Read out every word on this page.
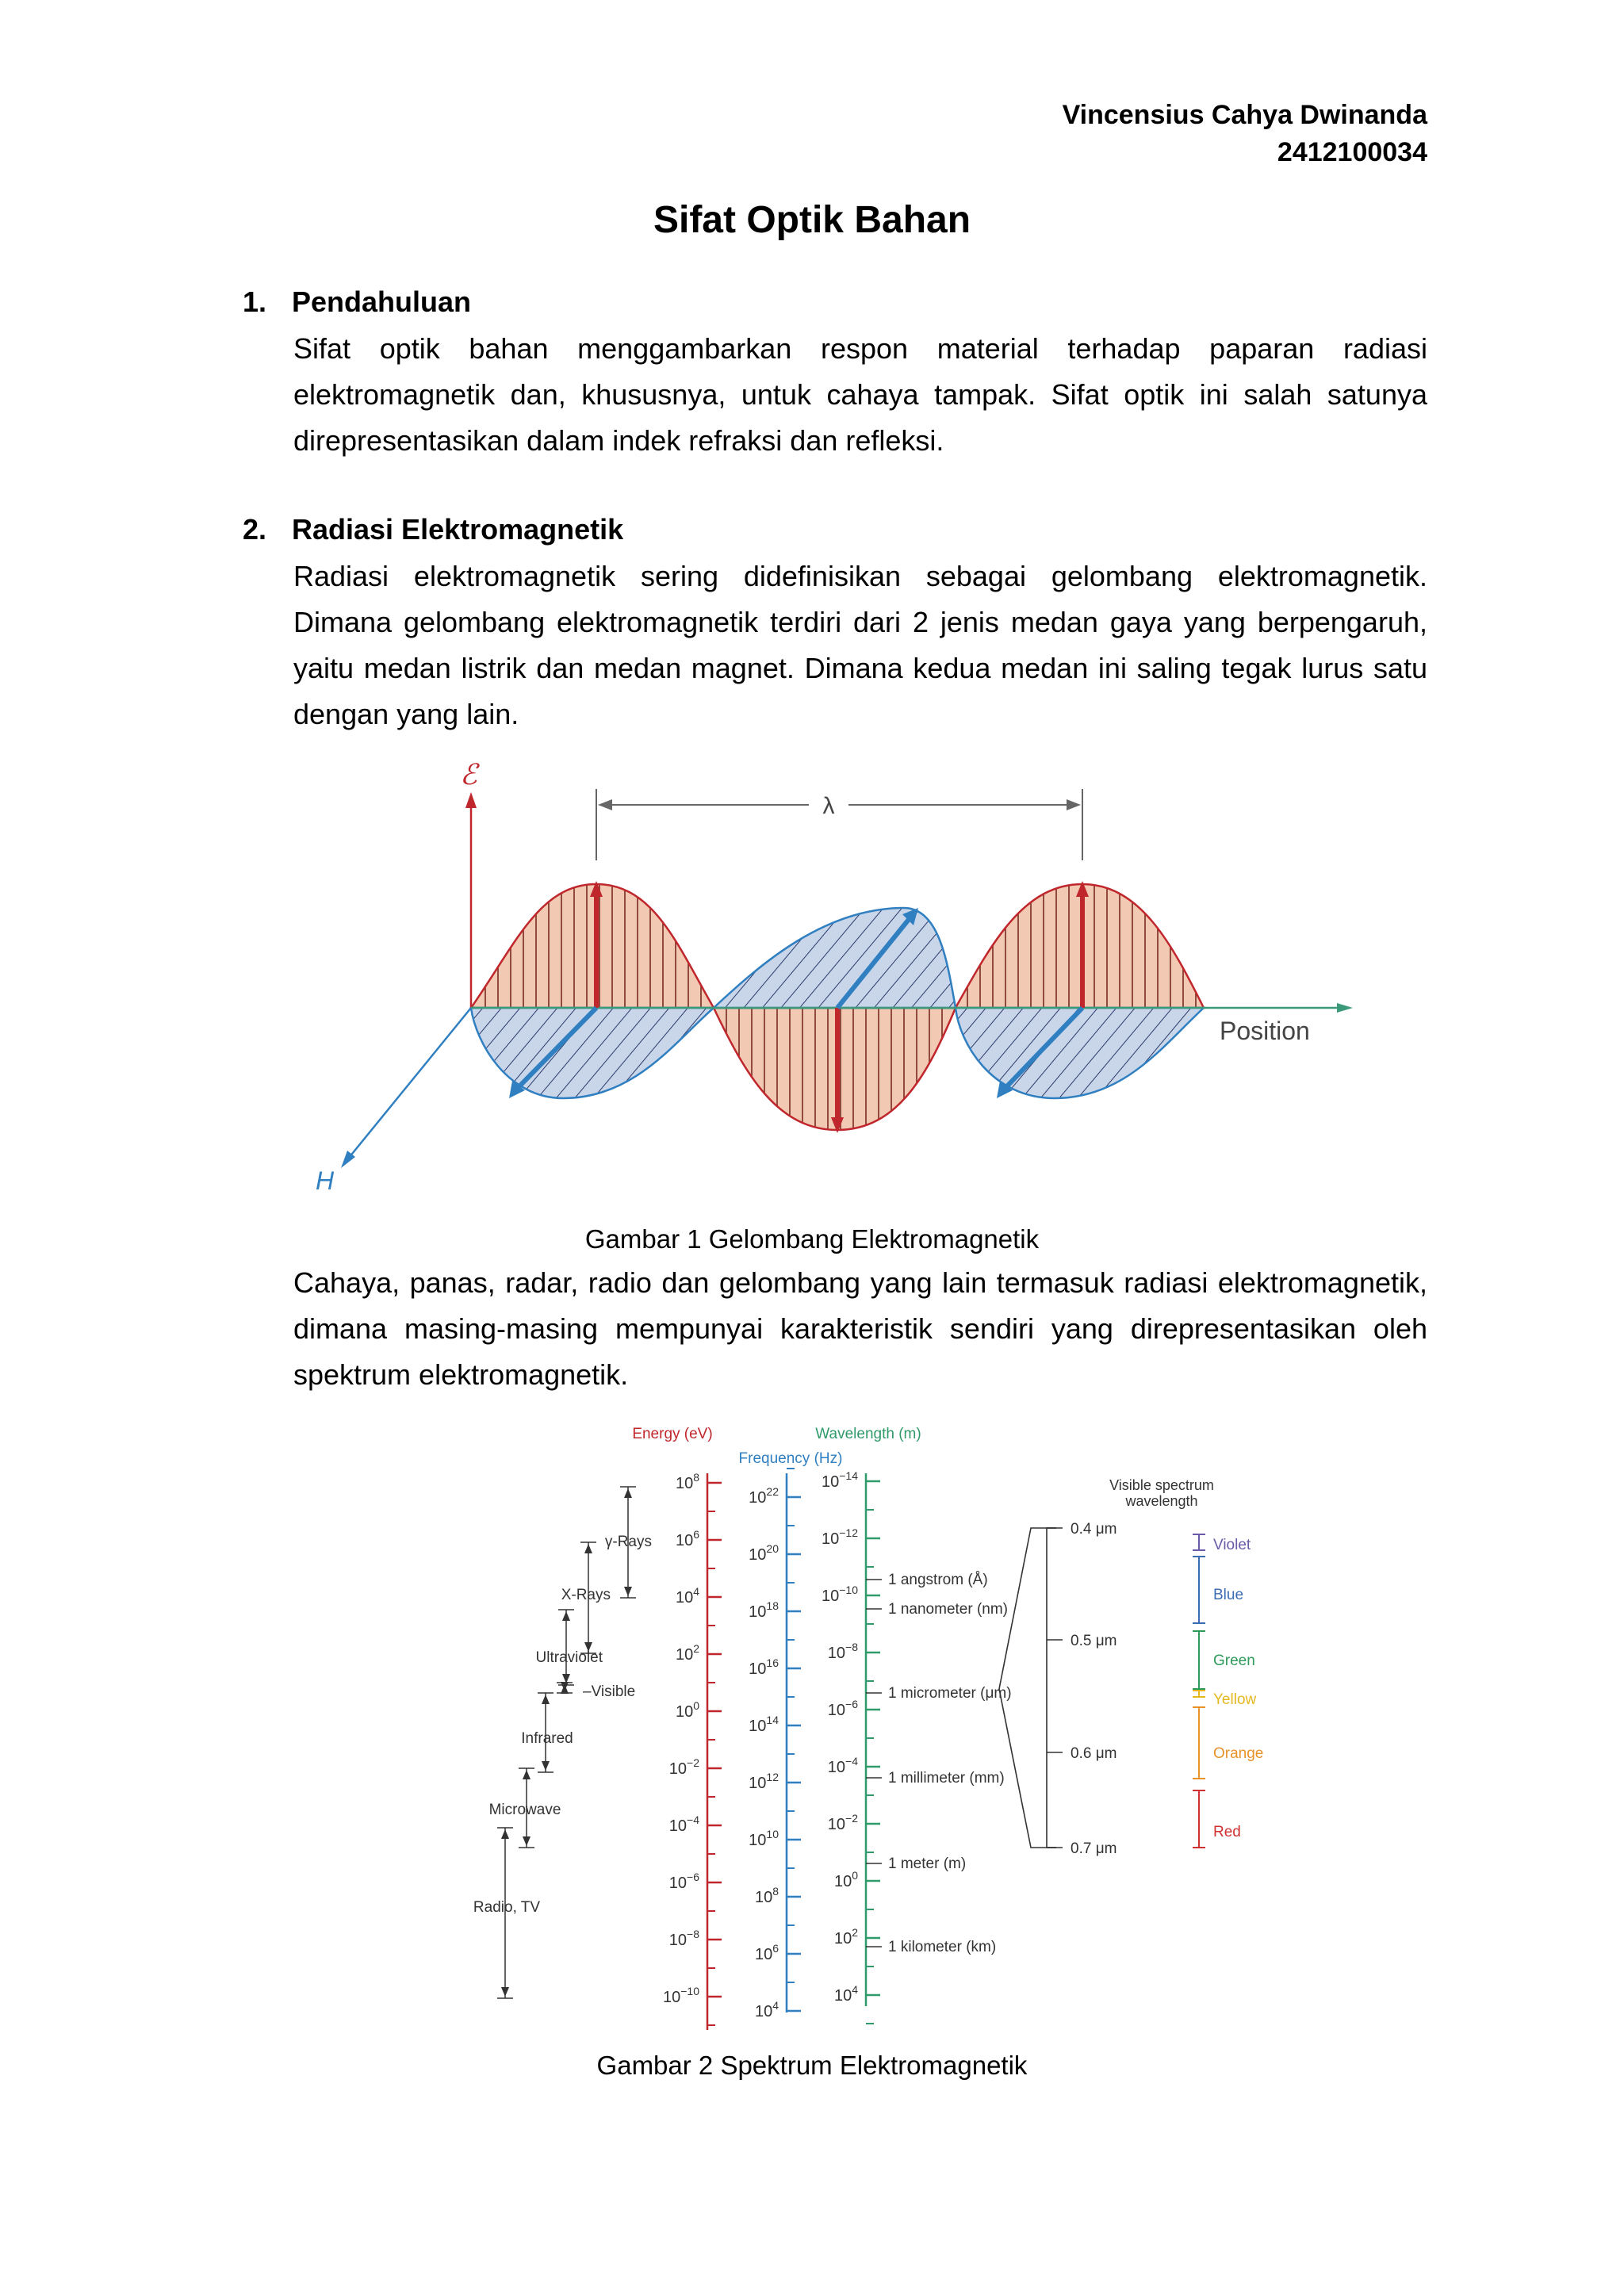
Vincensius Cahya Dwinanda
2412100034
Sifat Optik Bahan
1. Pendahuluan
Sifat optik bahan menggambarkan respon material terhadap paparan radiasi elektromagnetik dan, khususnya, untuk cahaya tampak. Sifat optik ini salah satunya direpresentasikan dalam indek refraksi dan refleksi.
2. Radiasi Elektromagnetik
Radiasi elektromagnetik sering didefinisikan sebagai gelombang elektromagnetik. Dimana gelombang elektromagnetik terdiri dari 2 jenis medan gaya yang berpengaruh, yaitu medan listrik dan medan magnet. Dimana kedua medan ini saling tegak lurus satu dengan yang lain.
λ
ℰ
H
Position
Gambar 1 Gelombang Elektromagnetik
Cahaya, panas, radar, radio dan gelombang yang lain termasuk radiasi elektromagnetik, dimana masing-masing mempunyai karakteristik sendiri yang direpresentasikan oleh spektrum elektromagnetik.
Energy (eV)
Frequency (Hz)
Wavelength (m)
Visible spectrum
wavelength
$10^8$
$10^6$
$10^4$
$10^2$
$10^0$
$10^{-2}$
$10^{-4}$
$10^{-6}$
$10^{-8}$
$10^{-10}$
$10^{22}$
$10^{20}$
$10^{18}$
$10^{16}$
$10^{14}$
$10^{12}$
$10^{10}$
$10^8$
$10^6$
$10^4$
$10^{-14}$
$10^{-12}$
$10^{-10}$
$10^{-8}$
$10^{-6}$
$10^{-4}$
$10^{-2}$
$10^0$
$10^2$
$10^4$
1 angstrom (Å)
1 nanometer (nm)
1 micrometer (μm)
1 millimeter (mm)
1 meter (m)
1 kilometer (km)
γ-Rays
X-Rays
Ultraviolet
–Visible
Infrared
Microwave
Radio, TV
0.4 μm
0.5 μm
0.6 μm
0.7 μm
Violet
Blue
Green
Yellow
Orange
Red
Gambar 2 Spektrum Elektromagnetik
